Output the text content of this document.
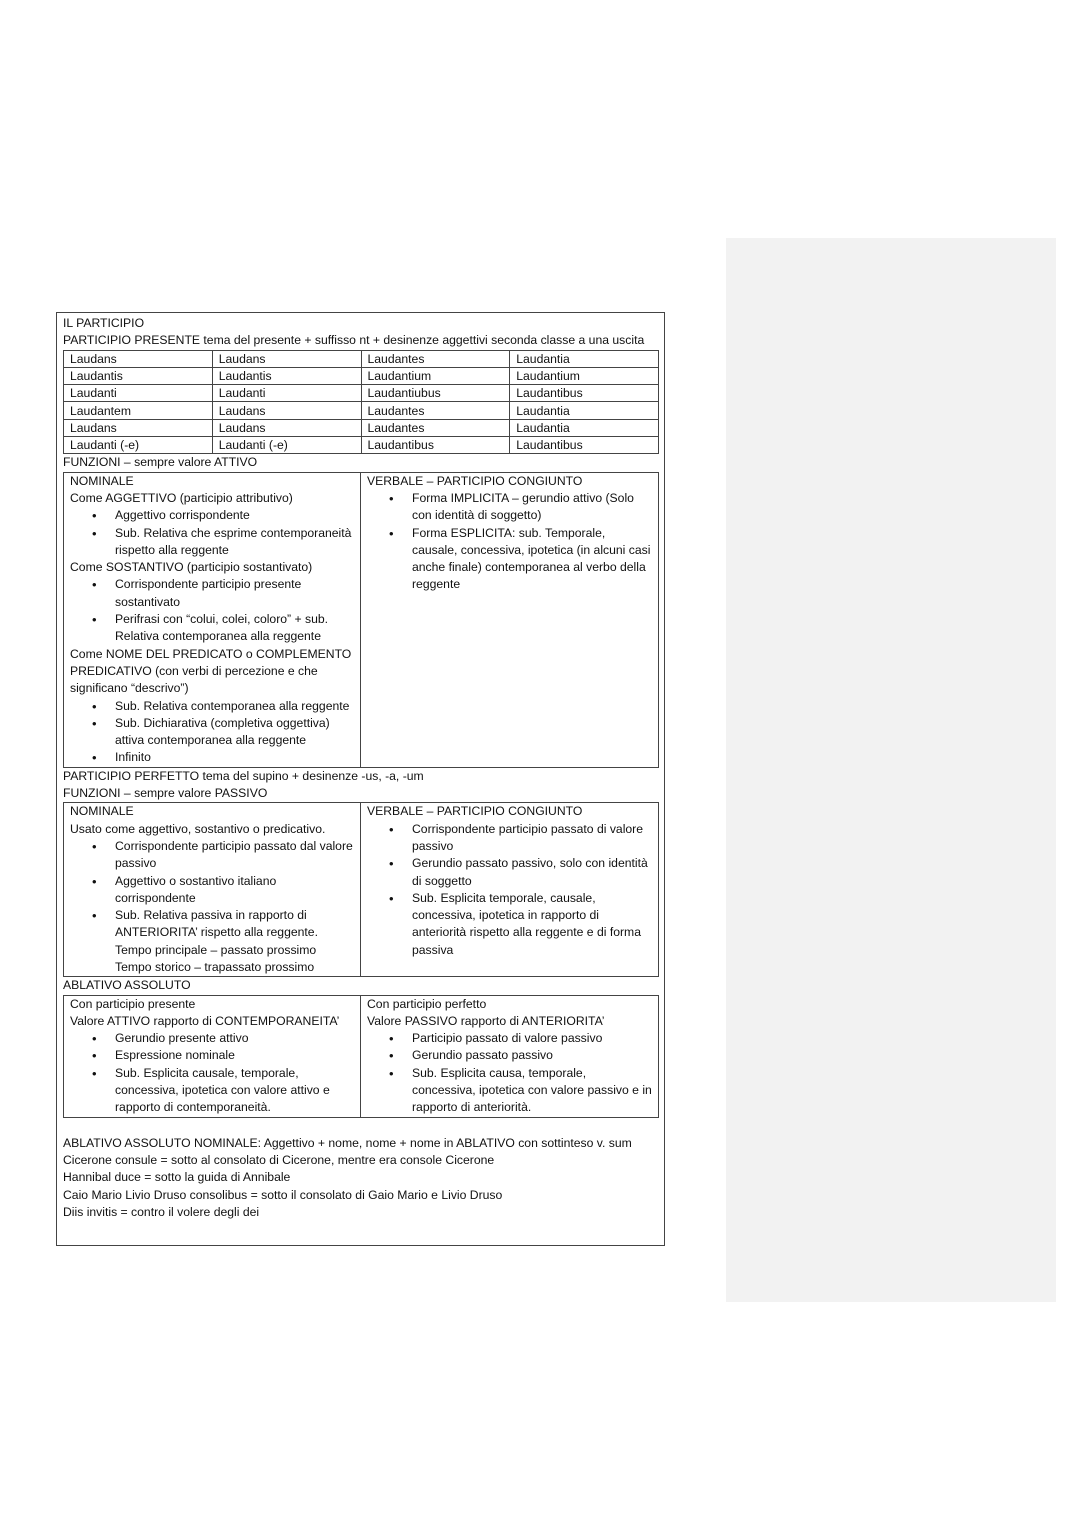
IL PARTICIPIO
PARTICIPIO PRESENTE tema del presente + suffisso nt + desinenze aggettivi seconda classe a una uscita
Laudans	Laudans	Laudantes	Laudantia
Laudantis	Laudantis	Laudantium	Laudantium
Laudanti	Laudanti	Laudantiubus	Laudantibus
Laudantem	Laudans	Laudantes	Laudantia
Laudans	Laudans	Laudantes	Laudantia
Laudanti (-e)	Laudanti (-e)	Laudantibus	Laudantibus
FUNZIONI – sempre valore ATTIVO
NOMINALE
Come AGGETTIVO (participio attributivo)
• Aggettivo corrispondente
• Sub. Relativa che esprime contemporaneità rispetto alla reggente
Come SOSTANTIVO (participio sostantivato)
• Corrispondente participio presente sostantivato
• Perifrasi con “colui, colei, coloro” + sub. Relativa contemporanea alla reggente
Come NOME DEL PREDICATO o COMPLEMENTO PREDICATIVO (con verbi di percezione e che significano “descrivo”)
• Sub. Relativa contemporanea alla reggente
• Sub. Dichiarativa (completiva oggettiva) attiva contemporanea alla reggente
• Infinito
VERBALE – PARTICIPIO CONGIUNTO
• Forma IMPLICITA – gerundio attivo (Solo con identità di soggetto)
• Forma ESPLICITA: sub. Temporale, causale, concessiva, ipotetica (in alcuni casi anche finale) contemporanea al verbo della reggente
PARTICIPIO PERFETTO tema del supino + desinenze -us, -a, -um
FUNZIONI – sempre valore PASSIVO
NOMINALE
Usato come aggettivo, sostantivo o predicativo.
• Corrispondente participio passato dal valore passivo
• Aggettivo o sostantivo italiano corrispondente
• Sub. Relativa passiva in rapporto di ANTERIORITA’ rispetto alla reggente.
Tempo principale – passato prossimo
Tempo storico – trapassato prossimo
VERBALE – PARTICIPIO CONGIUNTO
• Corrispondente participio passato di valore passivo
• Gerundio passato passivo, solo con identità di soggetto
• Sub. Esplicita temporale, causale, concessiva, ipotetica in rapporto di anteriorità rispetto alla reggente e di forma passiva
ABLATIVO ASSOLUTO
Con participio presente
Valore ATTIVO rapporto di CONTEMPORANEITA’
• Gerundio presente attivo
• Espressione nominale
• Sub. Esplicita causale, temporale, concessiva, ipotetica con valore attivo e rapporto di contemporaneità.
Con participio perfetto
Valore PASSIVO rapporto di ANTERIORITA’
• Participio passato di valore passivo
• Gerundio passato passivo
• Sub. Esplicita causa, temporale, concessiva, ipotetica con valore passivo e in rapporto di anteriorità.
ABLATIVO ASSOLUTO NOMINALE: Aggettivo + nome, nome + nome in ABLATIVO con sottinteso v. sum
Cicerone consule = sotto al consolato di Cicerone, mentre era console Cicerone
Hannibal duce = sotto la guida di Annibale
Caio Mario Livio Druso consolibus = sotto il consolato di Gaio Mario e Livio Druso
Diis invitis = contro il volere degli dei
